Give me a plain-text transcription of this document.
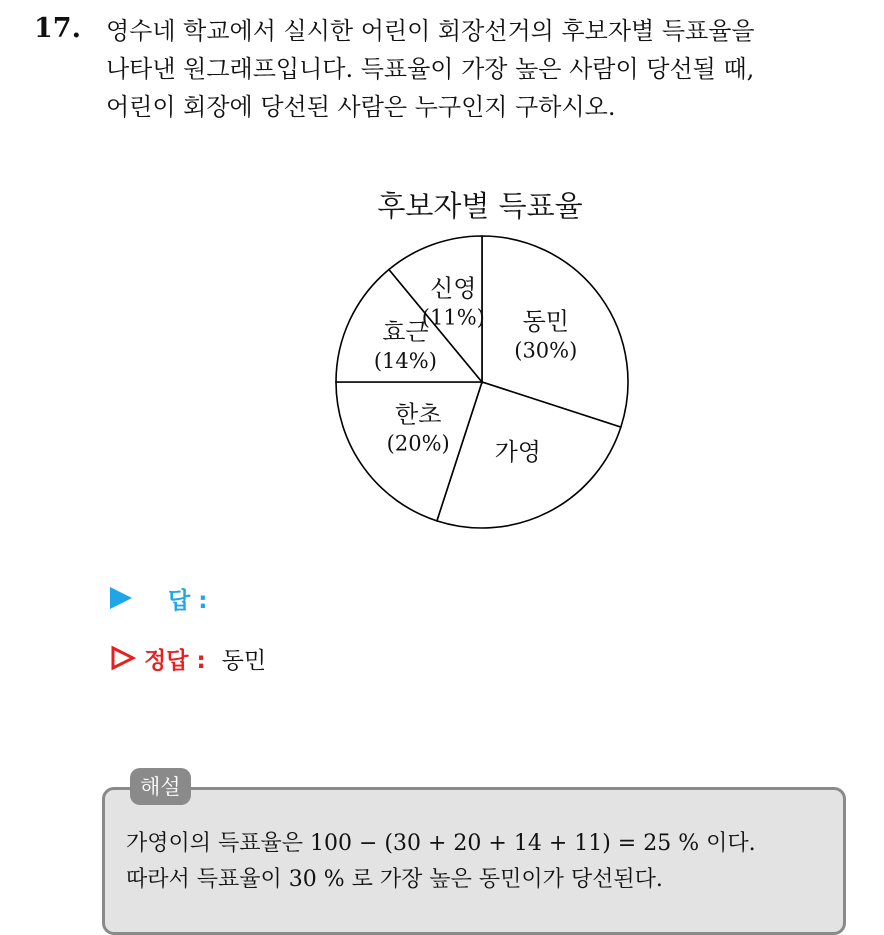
17. 영수네 학교에서 실시한 어린이 회장선거의 후보자별 득표율을
나타낸 원그래프입니다. 득표율이 가장 높은 사람이 당선될 때,
어린이 회장에 당선된 사람은 누구인지 구하시오.
후보자별 득표율
동민
(30%)
가영
한초
(20%)
효근
(14%)
신영
(11%)
답 :
정답 : 동민
해설
가영이의 득표율은 100 − (30 + 20 + 14 + 11) = 25 % 이다.
따라서 득표율이 30 % 로 가장 높은 동민이가 당선된다.
